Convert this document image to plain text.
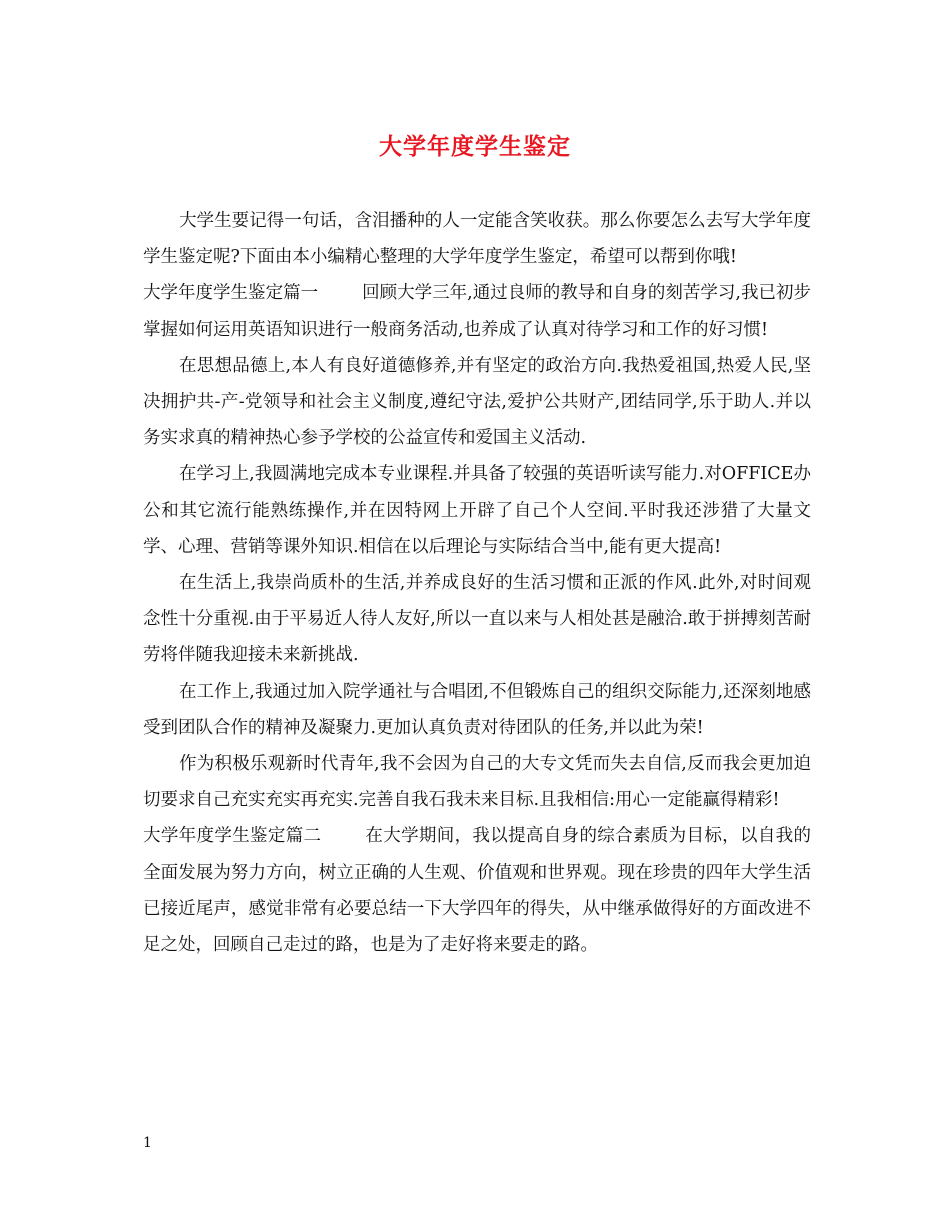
大学年度学生鉴定

大学生要记得一句话，含泪播种的人一定能含笑收获。那么你要怎么去写大学年度学生鉴定呢?下面由本小编精心整理的大学年度学生鉴定，希望可以帮到你哦!

大学年度学生鉴定篇一	回顾大学三年,通过良师的教导和自身的刻苦学习,我已初步掌握如何运用英语知识进行一般商务活动,也养成了认真对待学习和工作的好习惯!

在思想品德上,本人有良好道德修养,并有坚定的政治方向.我热爱祖国,热爱人民,坚决拥护共-产-党领导和社会主义制度,遵纪守法,爱护公共财产,团结同学,乐于助人.并以务实求真的精神热心参予学校的公益宣传和爱国主义活动.

在学习上,我圆满地完成本专业课程.并具备了较强的英语听读写能力.对OFFICE办公和其它流行能熟练操作,并在因特网上开辟了自己个人空间.平时我还涉猎了大量文学、心理、营销等课外知识.相信在以后理论与实际结合当中,能有更大提高!

在生活上,我崇尚质朴的生活,并养成良好的生活习惯和正派的作风.此外,对时间观念性十分重视.由于平易近人待人友好,所以一直以来与人相处甚是融洽.敢于拼搏刻苦耐劳将伴随我迎接未来新挑战.

在工作上,我通过加入院学通社与合唱团,不但锻炼自己的组织交际能力,还深刻地感受到团队合作的精神及凝聚力.更加认真负责对待团队的任务,并以此为荣!

作为积极乐观新时代青年,我不会因为自己的大专文凭而失去自信,反而我会更加迫切要求自己充实充实再充实.完善自我石我未来目标.且我相信:用心一定能赢得精彩!

大学年度学生鉴定篇二	在大学期间，我以提高自身的综合素质为目标，以自我的全面发展为努力方向，树立正确的人生观、价值观和世界观。现在珍贵的四年大学生活已接近尾声，感觉非常有必要总结一下大学四年的得失，从中继承做得好的方面改进不足之处，回顾自己走过的路，也是为了走好将来要走的路。

1
